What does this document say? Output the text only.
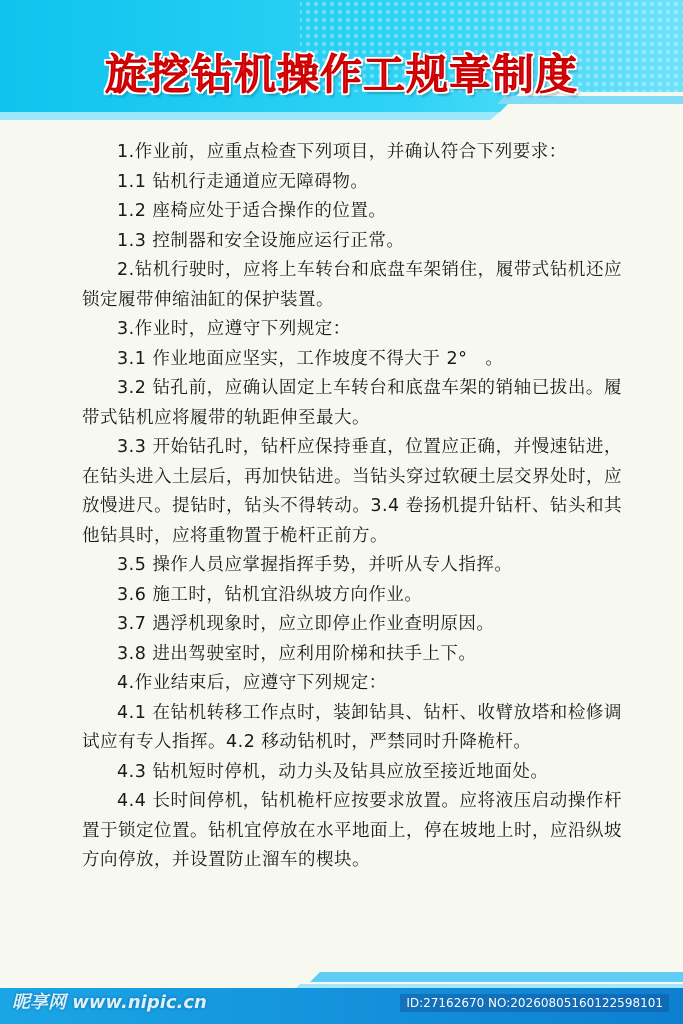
旋挖钻机操作工规章制度

1.作业前，应重点检查下列项目，并确认符合下列要求：

1.1 钻机行走通道应无障碍物。

1.2 座椅应处于适合操作的位置。

1.3 控制器和安全设施应运行正常。

2.钻机行驶时，应将上车转台和底盘车架销住，履带式钻机还应锁定履带伸缩油缸的保护装置。

3.作业时，应遵守下列规定：

3.1 作业地面应坚实，工作坡度不得大于 2°　。

3.2 钻孔前，应确认固定上车转台和底盘车架的销轴已拔出。履带式钻机应将履带的轨距伸至最大。

3.3 开始钻孔时，钻杆应保持垂直，位置应正确，并慢速钻进，在钻头进入土层后，再加快钻进。当钻头穿过软硬土层交界处时，应放慢进尺。提钻时，钻头不得转动。3.4 卷扬机提升钻杆、钻头和其他钻具时，应将重物置于桅杆正前方。

3.5 操作人员应掌握指挥手势，并听从专人指挥。

3.6 施工时，钻机宜沿纵坡方向作业。

3.7 遇浮机现象时，应立即停止作业查明原因。

3.8 进出驾驶室时，应利用阶梯和扶手上下。

4.作业结束后，应遵守下列规定：

4.1 在钻机转移工作点时，装卸钻具、钻杆、收臂放塔和检修调试应有专人指挥。4.2 移动钻机时，严禁同时升降桅杆。

4.3 钻机短时停机，动力头及钻具应放至接近地面处。

4.4 长时间停机，钻机桅杆应按要求放置。应将液压启动操作杆置于锁定位置。钻机宜停放在水平地面上，停在坡地上时，应沿纵坡方向停放，并设置防止溜车的楔块。

昵享网 www.nipic.cn	ID:27162670 NO:20260805160122598101
